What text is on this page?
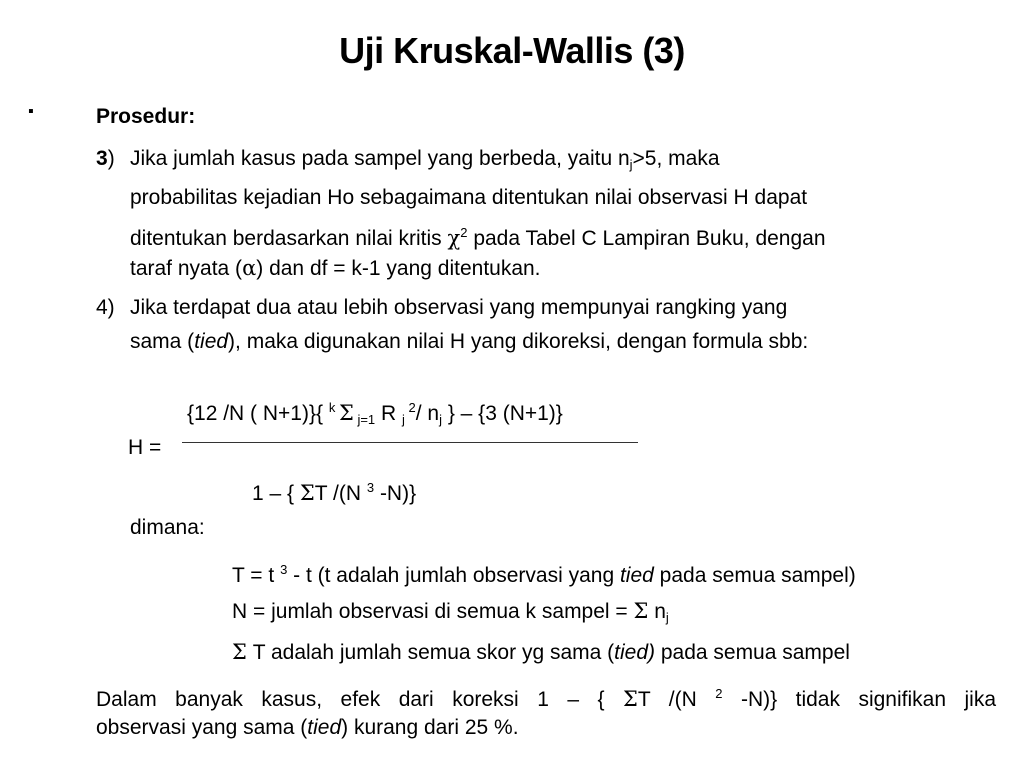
Uji Kruskal-Wallis (3)
▪	Prosedur:
3) Jika jumlah kasus pada sampel yang berbeda, yaitu $n_j>5$, maka
probabilitas kejadian Ho sebagaimana ditentukan nilai observasi H dapat
ditentukan berdasarkan nilai kritis $\chi^2$ pada Tabel C Lampiran Buku, dengan
taraf nyata (α) dan df = k-1 yang ditentukan.
4) Jika terdapat dua atau lebih observasi yang mempunyai rangking yang
sama (tied), maka digunakan nilai H yang dikoreksi, dengan formula sbb:
{12 /N ( N+1)}{ $^k$ Σ $_{j=1}$ R $_j$ $^2$/ $n_j$ } – {3 (N+1)}
H =
1 – { ΣT /(N $^3$ -N)}
dimana:
T = t $^3$ - t (t adalah jumlah observasi yang tied pada semua sampel)
N = jumlah observasi di semua k sampel = Σ $n_j$
Σ T adalah jumlah semua skor yg sama (tied) pada semua sampel
Dalam banyak kasus, efek dari koreksi 1 – { ΣT /(N $^2$ -N)} tidak signifikan jika
observasi yang sama (tied) kurang dari 25 %.
